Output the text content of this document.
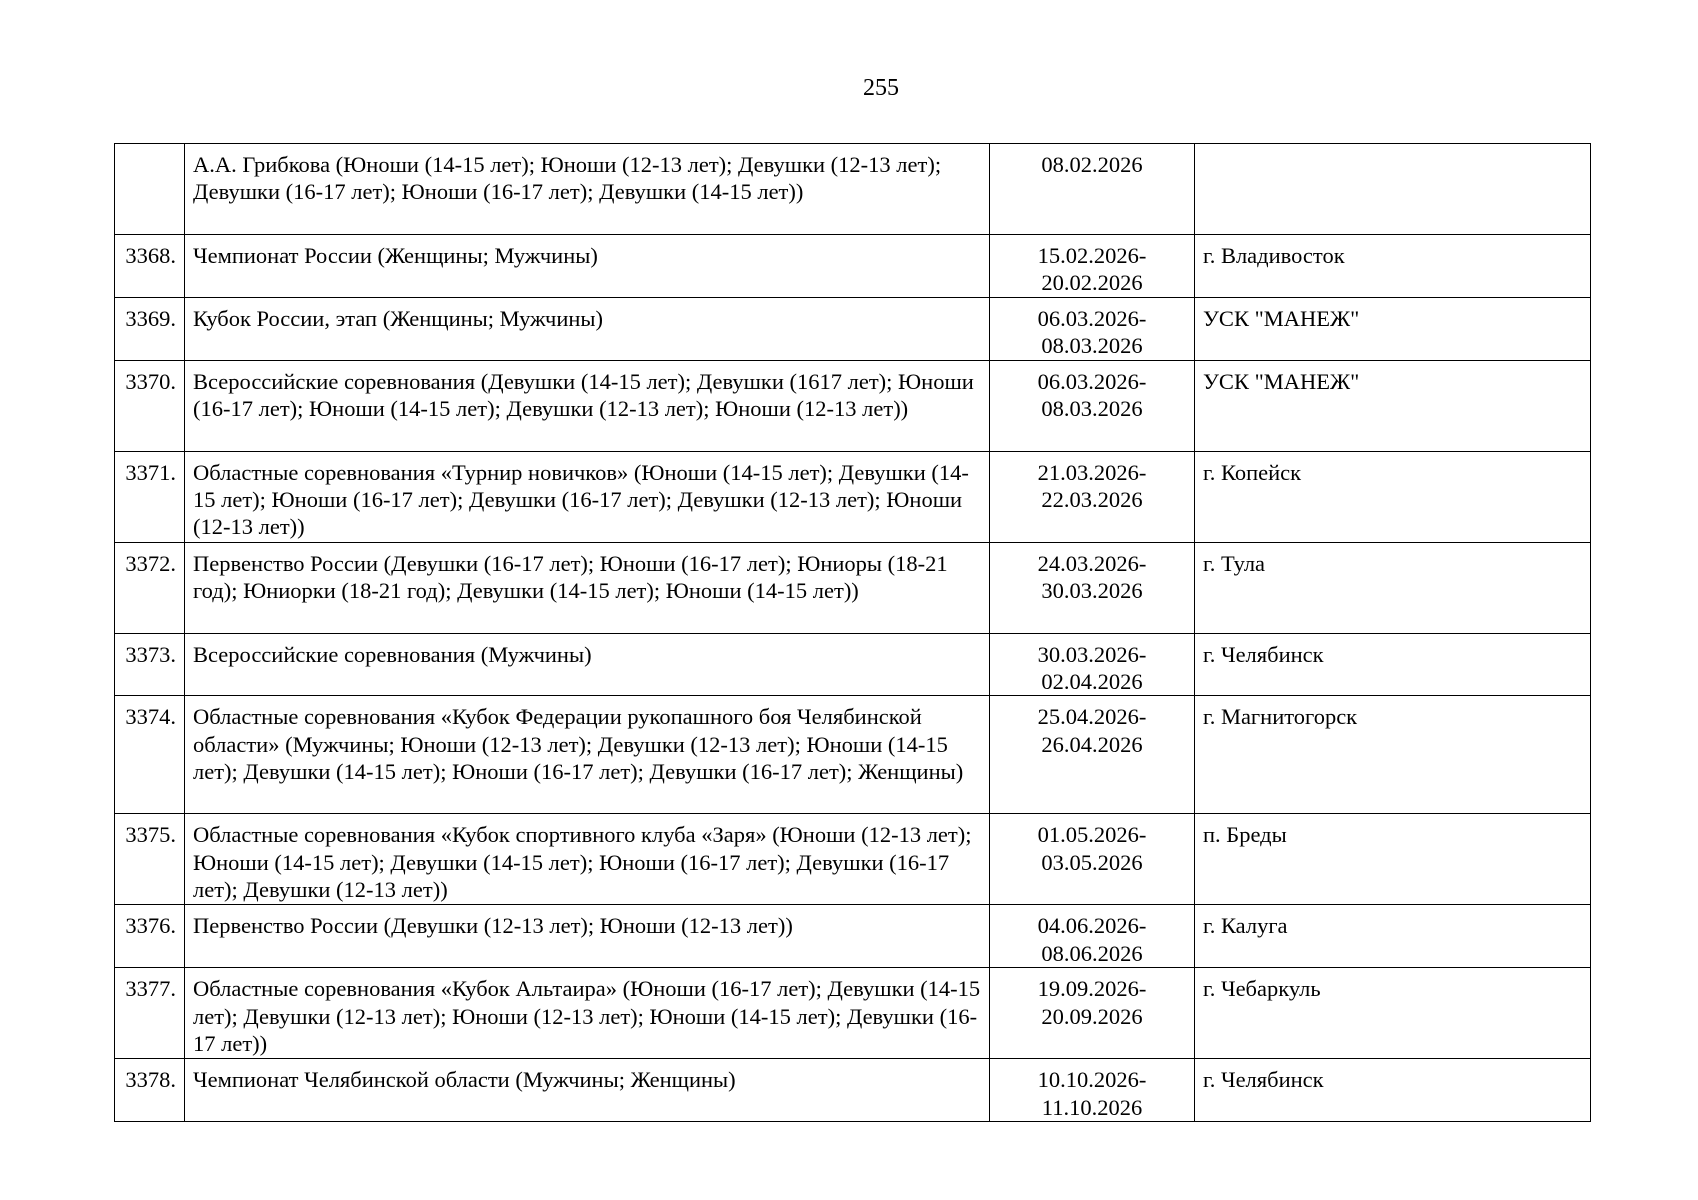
255
	А.А. Грибкова (Юноши (14-15 лет); Юноши (12-13 лет); Девушки (12-13 лет); Девушки (16-17 лет); Юноши (16-17 лет); Девушки (14-15 лет))	08.02.2026	
3368.	Чемпионат России (Женщины; Мужчины)	15.02.2026-20.02.2026	г. Владивосток
3369.	Кубок России, этап (Женщины; Мужчины)	06.03.2026-08.03.2026	УСК "МАНЕЖ"
3370.	Всероссийские соревнования (Девушки (14-15 лет); Девушки (1617 лет); Юноши (16-17 лет); Юноши (14-15 лет); Девушки (12-13 лет); Юноши (12-13 лет))	06.03.2026-08.03.2026	УСК "МАНЕЖ"
3371.	Областные соревнования «Турнир новичков» (Юноши (14-15 лет); Девушки (14-15 лет); Юноши (16-17 лет); Девушки (16-17 лет); Девушки (12-13 лет); Юноши (12-13 лет))	21.03.2026-22.03.2026	г. Копейск
3372.	Первенство России (Девушки (16-17 лет); Юноши (16-17 лет); Юниоры (18-21 год); Юниорки (18-21 год); Девушки (14-15 лет); Юноши (14-15 лет))	24.03.2026-30.03.2026	г. Тула
3373.	Всероссийские соревнования (Мужчины)	30.03.2026-02.04.2026	г. Челябинск
3374.	Областные соревнования «Кубок Федерации рукопашного боя Челябинской области» (Мужчины; Юноши (12-13 лет); Девушки (12-13 лет); Юноши (14-15 лет); Девушки (14-15 лет); Юноши (16-17 лет); Девушки (16-17 лет); Женщины)	25.04.2026-26.04.2026	г. Магнитогорск
3375.	Областные соревнования «Кубок спортивного клуба «Заря» (Юноши (12-13 лет); Юноши (14-15 лет); Девушки (14-15 лет); Юноши (16-17 лет); Девушки (16-17 лет); Девушки (12-13 лет))	01.05.2026-03.05.2026	п. Бреды
3376.	Первенство России (Девушки (12-13 лет); Юноши (12-13 лет))	04.06.2026-08.06.2026	г. Калуга
3377.	Областные соревнования «Кубок Альтаира» (Юноши (16-17 лет); Девушки (14-15 лет); Девушки (12-13 лет); Юноши (12-13 лет); Юноши (14-15 лет); Девушки (16-17 лет))	19.09.2026-20.09.2026	г. Чебаркуль
3378.	Чемпионат Челябинской области (Мужчины; Женщины)	10.10.2026-11.10.2026	г. Челябинск
